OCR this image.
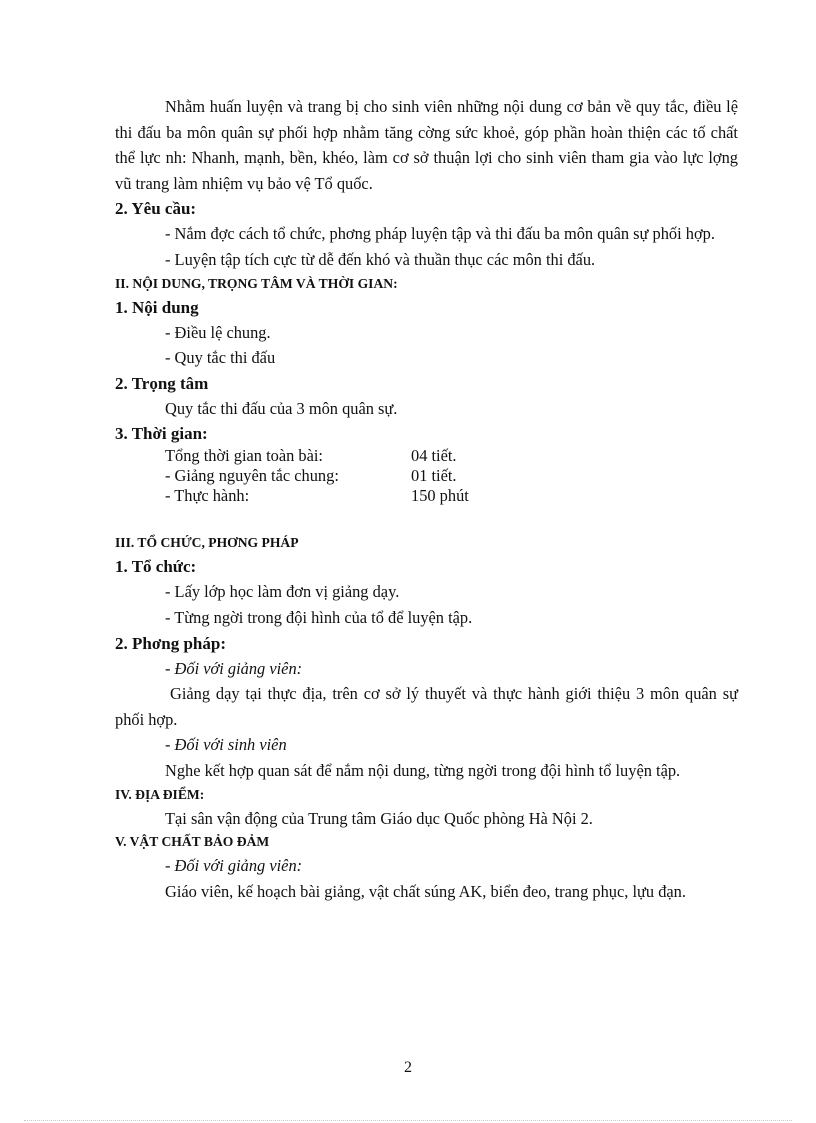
Nhằm huấn luyện và trang bị cho sinh viên những nội dung cơ bản về quy tắc, điều lệ thi đấu ba môn quân sự phối hợp nhằm tăng cờng sức khoẻ, góp phần hoàn thiện các tố chất thể lực nh: Nhanh, mạnh, bền, khéo, làm cơ sở thuận lợi cho sinh viên tham gia vào lực lợng vũ trang làm nhiệm vụ bảo vệ Tổ quốc.

2. Yêu cầu:

- Nắm đợc cách tổ chức, phơng pháp luyện tập và thi đấu ba môn quân sự phối hợp.

- Luyện tập tích cực từ dễ đến khó và thuần thục các môn thi đấu.

II. NỘI DUNG, TRỌNG TÂM VÀ THỜI GIAN:

1. Nội dung

- Điều lệ chung.

- Quy tắc thi đấu

2. Trọng tâm

Quy tắc thi đấu của 3 môn quân sự.

3. Thời gian:

Tổng thời gian toàn bài:	04 tiết.
- Giảng nguyên tắc chung:	01 tiết.
- Thực hành:	150 phút

III. TỔ CHỨC, PHƠNG PHÁP

1. Tổ chức:

- Lấy lớp học làm đơn vị giảng dạy.

- Từng ngời trong đội hình của tổ để luyện tập.

2. Phơng pháp:

- Đối với giảng viên:

Giảng dạy tại thực địa, trên cơ sở lý thuyết và thực hành giới thiệu 3 môn quân sự phối hợp.

- Đối với sinh viên

Nghe kết hợp quan sát để nắm nội dung, từng ngời trong đội hình tổ luyện tập.

IV. ĐỊA ĐIỂM:

Tại sân vận động của Trung tâm Giáo dục Quốc phòng Hà Nội 2.

V. VẬT CHẤT BẢO ĐẢM

- Đối với giảng viên:

Giáo viên, kế hoạch bài giảng, vật chất súng AK, biển đeo, trang phục, lựu đạn.

2
